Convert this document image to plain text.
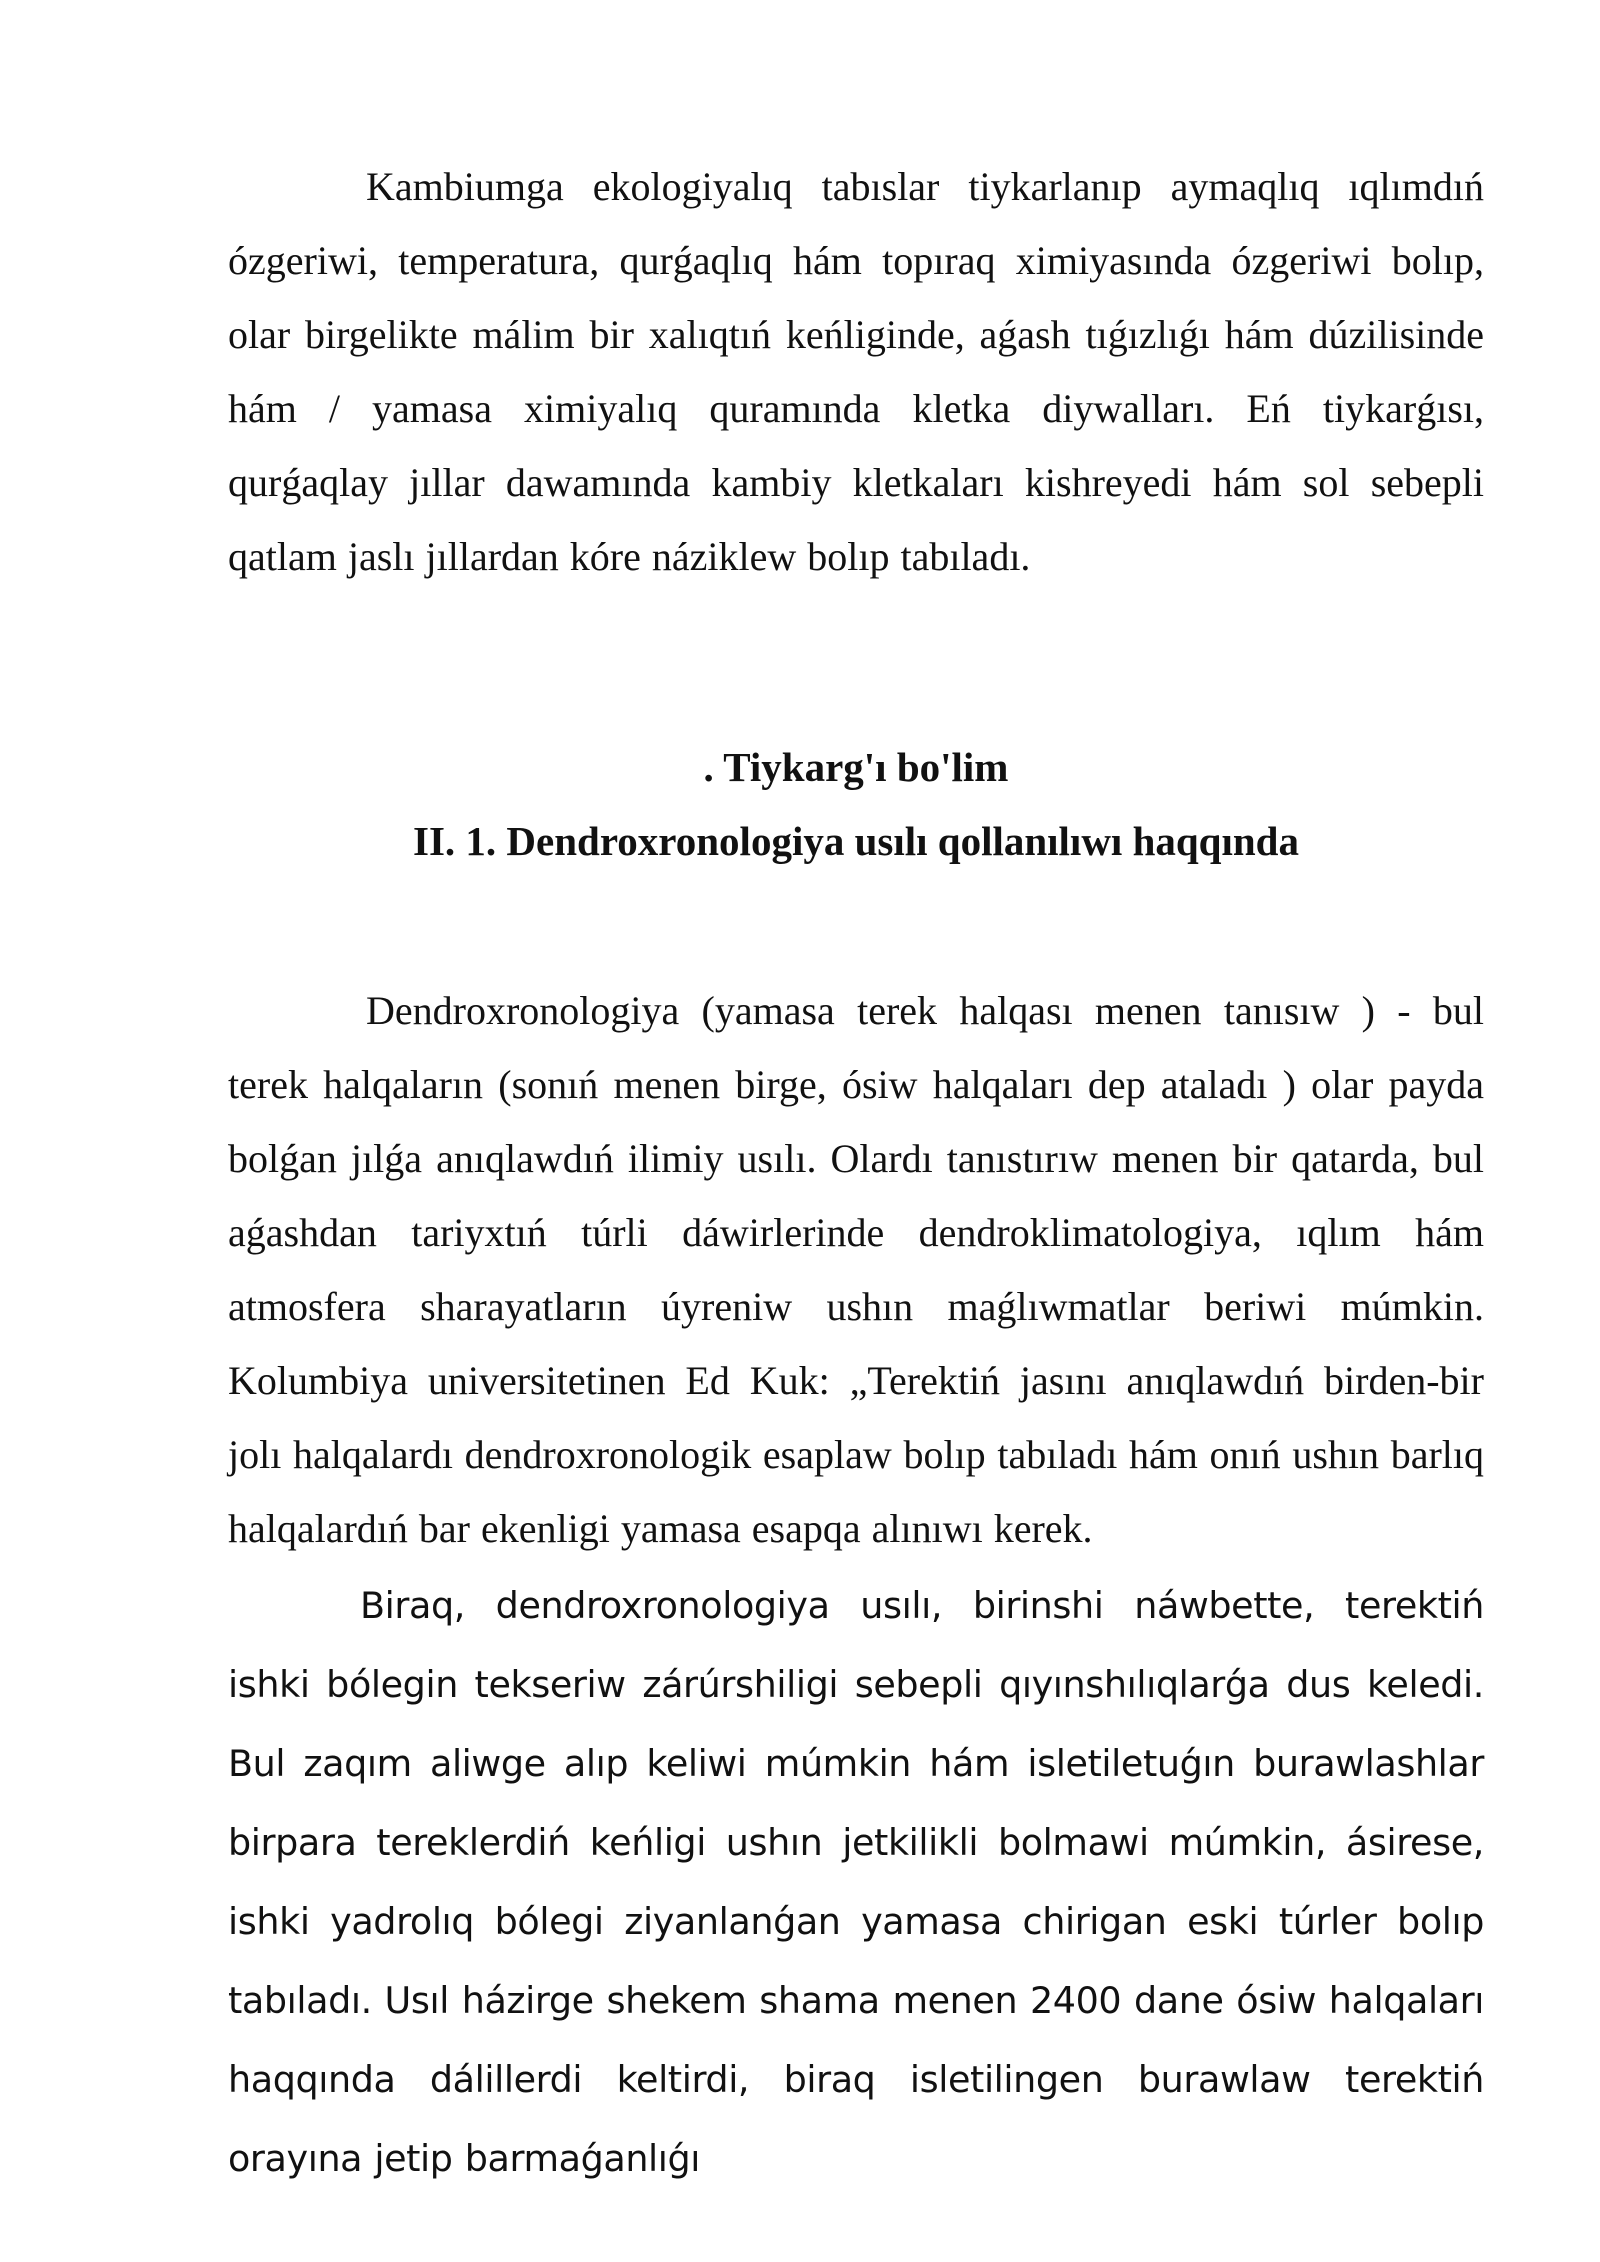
Kambiumga ekologiyalıq tabıslar tiykarlanıp aymaqlıq ıqlımdıń ózgeriwi, temperatura, qurǵaqlıq hám topıraq ximiyasında ózgeriwi bolıp, olar birgelikte málim bir xalıqtıń keńliginde, aǵash tıǵızlıǵı hám dúzilisinde hám / yamasa ximiyalıq quramında kletka diywalları. Eń tiykarǵısı, qurǵaqlay jıllar dawamında kambiy kletkaları kishreyedi hám sol sebepli qatlam jaslı jıllardan kóre náziklew bolıp tabıladı.

. Tiykarg'ı bo'lim
II. 1. Dendroxronologiya usılı qollanılıwı haqqında

Dendroxronologiya (yamasa terek halqası menen tanısıw ) - bul terek halqaların (sonıń menen birge, ósiw halqaları dep ataladı ) olar payda bolǵan jılǵa anıqlawdıń ilimiy usılı. Olardı tanıstırıw menen bir qatarda, bul aǵashdan tariyxtıń túrli dáwirlerinde dendroklimatologiya, ıqlım hám atmosfera sharayatların úyreniw ushın maǵlıwmatlar beriwi múmkin. Kolumbiya universitetinen Ed Kuk: „Terektiń jasını anıqlawdıń birden-bir jolı halqalardı dendroxronologik esaplaw bolıp tabıladı hám onıń ushın barlıq halqalardıń bar ekenligi yamasa esapqa alınıwı kerek.

Biraq, dendroxronologiya usılı, birinshi náwbette, terektiń ishki bólegin tekseriw zárúrshiligi sebepli qıyınshılıqlarǵa dus keledi. Bul zaqım aliwge alıp keliwi múmkin hám isletiletuǵın burawlashlar birpara tereklerdiń keńligi ushın jetkilikli bolmawi múmkin, ásirese, ishki yadrolıq bólegi ziyanlanǵan yamasa chirigan eski túrler bolıp tabıladı. Usıl házirge shekem shama menen 2400 dane ósiw halqaları haqqında dálillerdi keltirdi, biraq isletilingen burawlaw terektiń orayına jetip barmaǵanlıǵı
